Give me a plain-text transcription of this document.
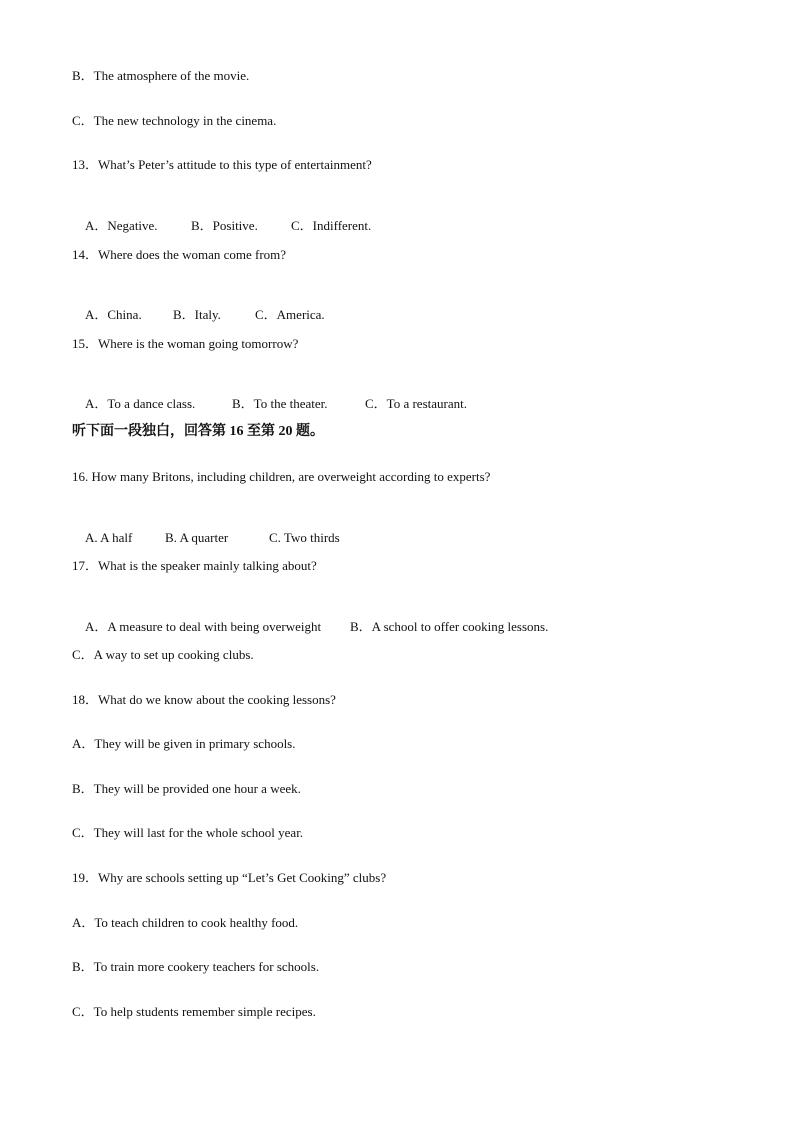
B．The atmosphere of the movie.
C．The new technology in the cinema.
13．What’s Peter’s attitude to this type of entertainment?

A．Negative.	B．Positive.	C．Indifferent.

14．Where does the woman come from?

A．China. B．Italy.	C．America.

15．Where is the woman going tomorrow?

A．To a dance class.	B．To the theater.	C．To a restaurant.

听下面一段独白，回答第 16 至第 20 题。
16. How many Britons, including children, are overweight according to experts?

A. A half	B. A quarter	C. Two thirds

17．What is the speaker mainly talking about?

A．A measure to deal with being overweight B．A school to offer cooking lessons.

C．A way to set up cooking clubs.
18．What do we know about the cooking lessons?
A．They will be given in primary schools.
B．They will be provided one hour a week.
C．They will last for the whole school year.
19．Why are schools setting up “Let’s Get Cooking” clubs?
A．To teach children to cook healthy food.
B．To train more cookery teachers for schools.
C．To help students remember simple recipes.
